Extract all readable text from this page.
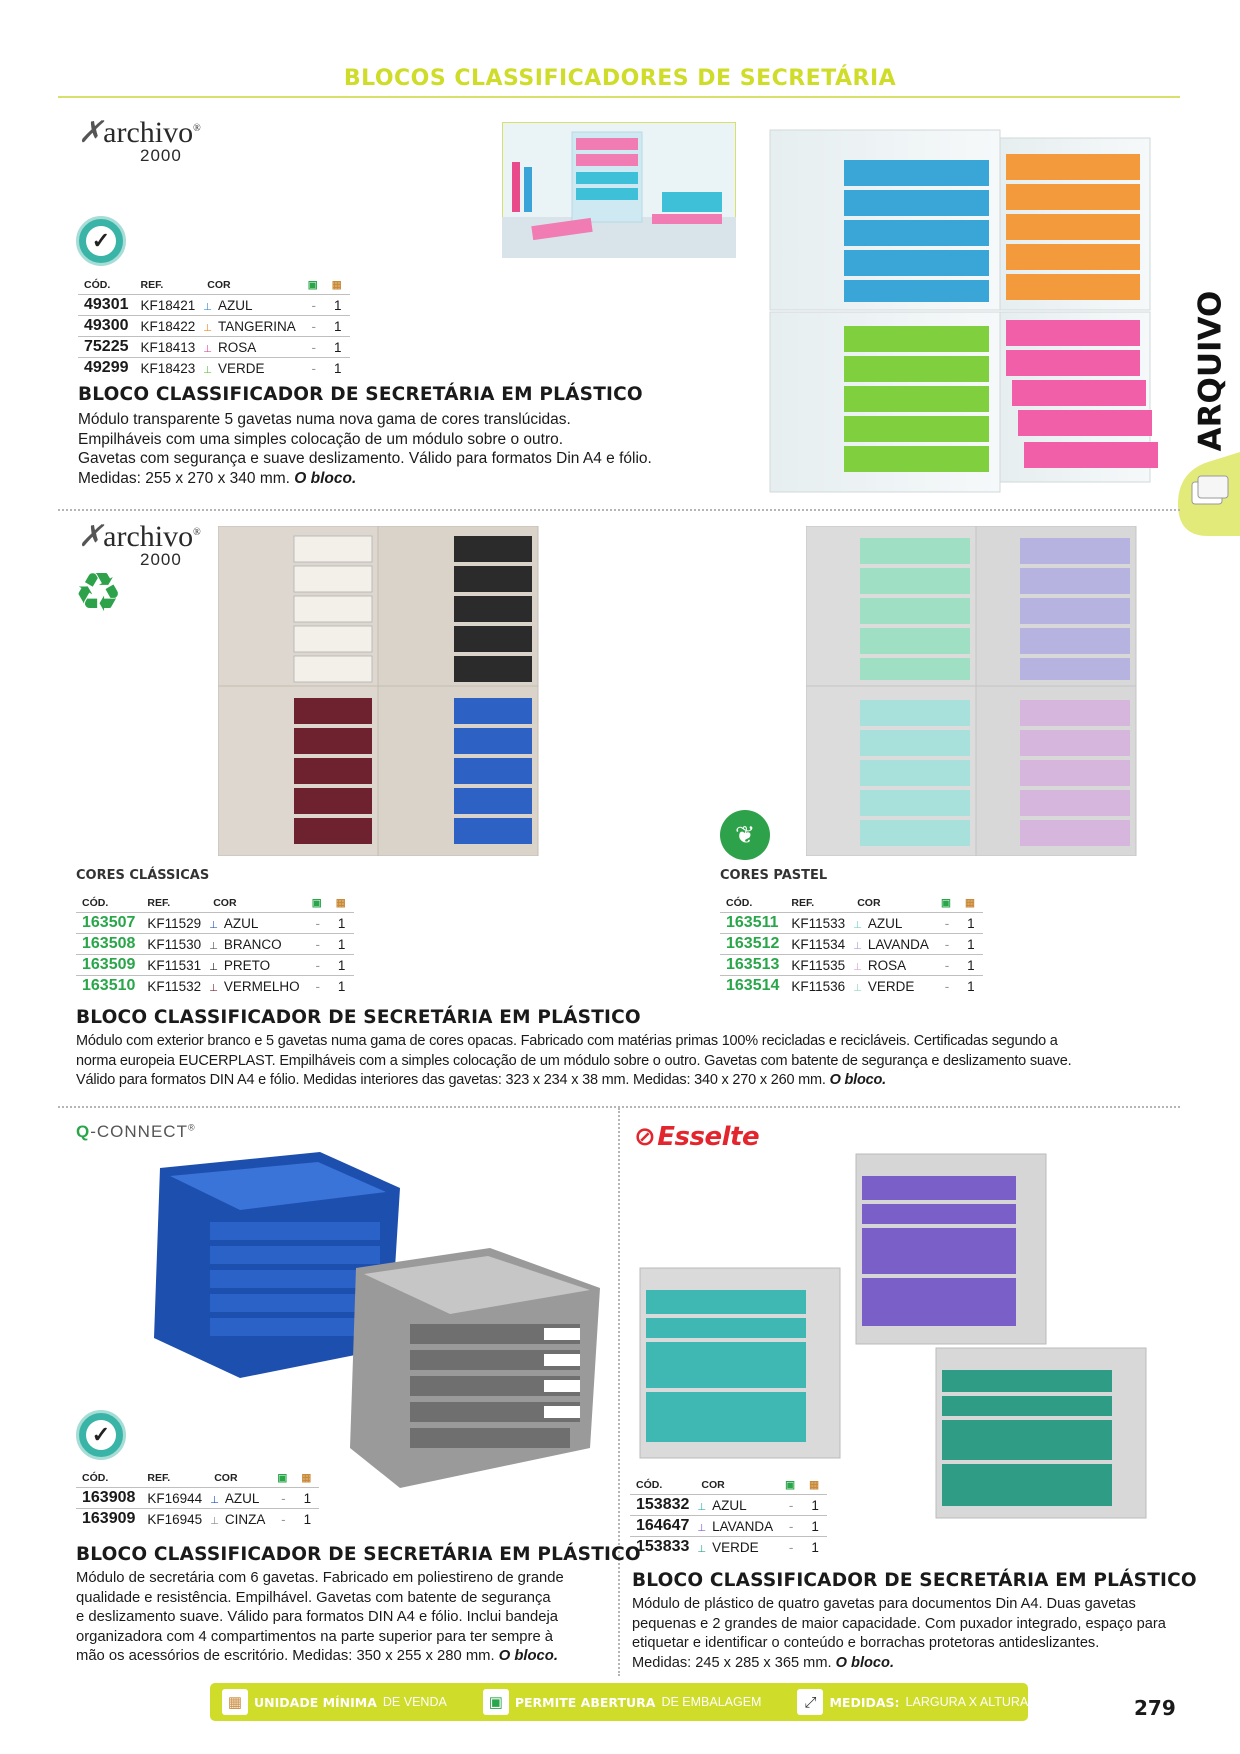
BLOCOS CLASSIFICADORES DE SECRETÁRIA
ARQUIVO
✗archivo®
2000
✓
CÓD.	REF.	COR	▣	▦
49301	KF18421	⊥ AZUL	-	1
49300	KF18422	⊥ TANGERINA	-	1
75225	KF18413	⊥ ROSA	-	1
49299	KF18423	⊥ VERDE	-	1
BLOCO CLASSIFICADOR DE SECRETÁRIA EM PLÁSTICO
Módulo transparente 5 gavetas numa nova gama de cores translúcidas.
Empilháveis com uma simples colocação de um módulo sobre o outro.
Gavetas com segurança e suave deslizamento. Válido para formatos Din A4 e fólio.
Medidas: 255 x 270 x 340 mm. O bloco.
✗archivo®
2000
♻
❦
CORES CLÁSSICAS	CORES PASTEL
CÓD.	REF.	COR	▣	▦
163507	KF11529	⊥ AZUL	-	1
163508	KF11530	⊥ BRANCO	-	1
163509	KF11531	⊥ PRETO	-	1
163510	KF11532	⊥ VERMELHO	-	1
CÓD.	REF.	COR	▣	▦
163511	KF11533	⊥ AZUL	-	1
163512	KF11534	⊥ LAVANDA	-	1
163513	KF11535	⊥ ROSA	-	1
163514	KF11536	⊥ VERDE	-	1
BLOCO CLASSIFICADOR DE SECRETÁRIA EM PLÁSTICO
Módulo com exterior branco e 5 gavetas numa gama de cores opacas. Fabricado com matérias primas 100% recicladas e recicláveis. Certificadas segundo a
norma europeia EUCERPLAST. Empilháveis com a simples colocação de um módulo sobre o outro. Gavetas com batente de segurança e deslizamento suave.
Válido para formatos DIN A4 e fólio. Medidas interiores das gavetas: 323 x 234 x 38 mm. Medidas: 340 x 270 x 260 mm. O bloco.
Q-CONNECT®
✓
CÓD.	REF.	COR	▣	▦
163908	KF16944	⊥ AZUL	-	1
163909	KF16945	⊥ CINZA	-	1
BLOCO CLASSIFICADOR DE SECRETÁRIA EM PLÁSTICO
Módulo de secretária com 6 gavetas. Fabricado em poliestireno de grande
qualidade e resistência. Empilhável. Gavetas com batente de segurança
e deslizamento suave. Válido para formatos DIN A4 e fólio. Inclui bandeja
organizadora com 4 compartimentos na parte superior para ter sempre à
mão os acessórios de escritório. Medidas: 350 x 255 x 280 mm. O bloco.
⊘Esselte
CÓD.	COR	▣	▦
153832	⊥ AZUL	-	1
164647	⊥ LAVANDA	-	1
153833	⊥ VERDE	-	1
BLOCO CLASSIFICADOR DE SECRETÁRIA EM PLÁSTICO
Módulo de plástico de quatro gavetas para documentos Din A4. Duas gavetas
pequenas e 2 grandes de maior capacidade. Com puxador integrado, espaço para
etiquetar e identificar o conteúdo e borrachas protetoras antideslizantes.
Medidas: 245 x 285 x 365 mm. O bloco.
▦ UNIDADE MÍNIMA DE VENDA	▣ PERMITE ABERTURA DE EMBALAGEM	⤢	MEDIDAS: LARGURA X ALTURA X PROFUNDIDADE
279
